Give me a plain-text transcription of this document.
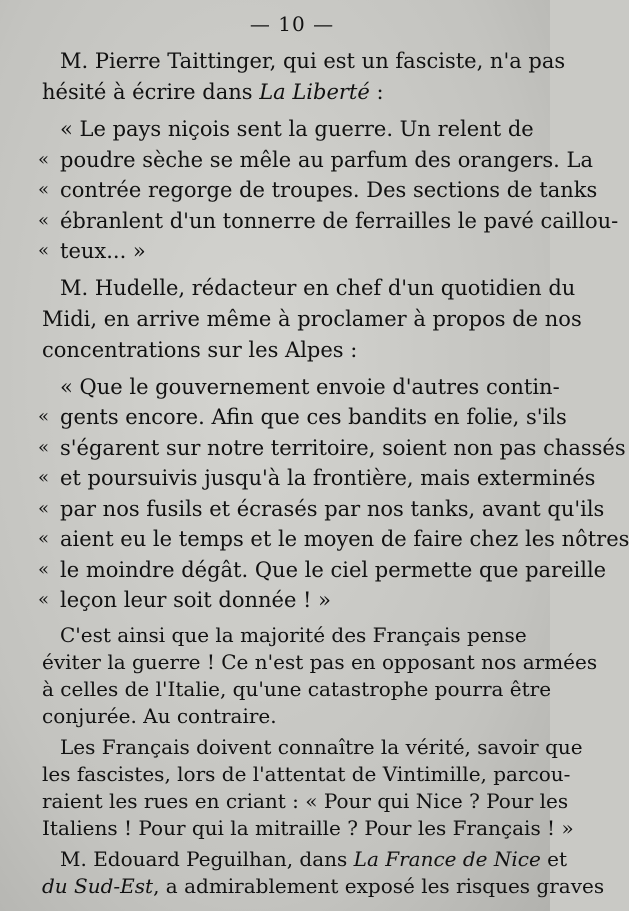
— 10 —
M. Pierre Taittinger, qui est un fasciste, n'a pas
hésité à écrire dans La Liberté :
« Le pays niçois sent la guerre. Un relent de
« poudre sèche se mêle au parfum des orangers. La
« contrée regorge de troupes. Des sections de tanks
« ébranlent d'un tonnerre de ferrailles le pavé caillou-
« teux... »
M. Hudelle, rédacteur en chef d'un quotidien du
Midi, en arrive même à proclamer à propos de nos
concentrations sur les Alpes :
« Que le gouvernement envoie d'autres contin-
« gents encore. Afin que ces bandits en folie, s'ils
« s'égarent sur notre territoire, soient non pas chassés
« et poursuivis jusqu'à la frontière, mais exterminés
« par nos fusils et écrasés par nos tanks, avant qu'ils
« aient eu le temps et le moyen de faire chez les nôtres
« le moindre dégât. Que le ciel permette que pareille
« leçon leur soit donnée ! »
C'est ainsi que la majorité des Français pense
éviter la guerre ! Ce n'est pas en opposant nos armées
à celles de l'Italie, qu'une catastrophe pourra être
conjurée. Au contraire.
Les Français doivent connaître la vérité, savoir que
les fascistes, lors de l'attentat de Vintimille, parcou-
raient les rues en criant : « Pour qui Nice ? Pour les
Italiens ! Pour qui la mitraille ? Pour les Français ! »
M. Edouard Peguilhan, dans La France de Nice et
du Sud-Est, a admirablement exposé les risques graves
